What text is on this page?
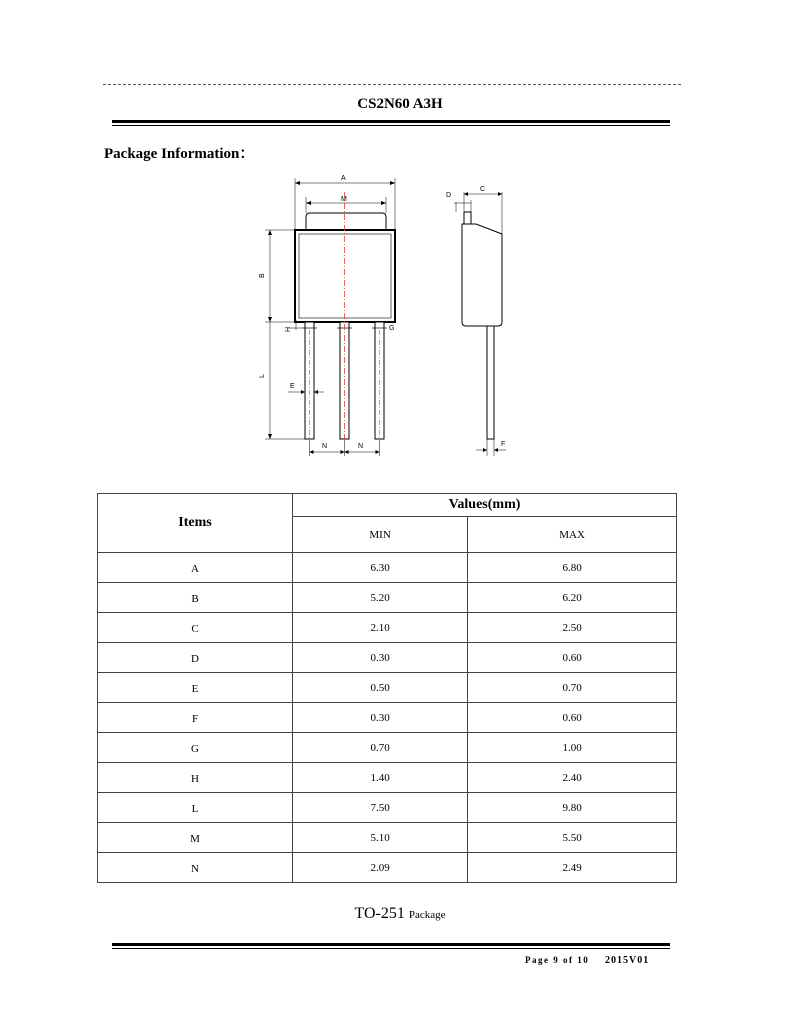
CS2N60 A3H
Package Information：
A
M
B
H	G
L
E
N	N
D
C
F
Items	Values(mm)	
	MIN	MAX
A	6.30	6.80
B	5.20	6.20
C	2.10	2.50
D	0.30	0.60
E	0.50	0.70
F	0.30	0.60
G	0.70	1.00
H	1.40	2.40
L	7.50	9.80
M	5.10	5.50
N	2.09	2.49
TO-251 Package
Page 9 of 10 2015V01
